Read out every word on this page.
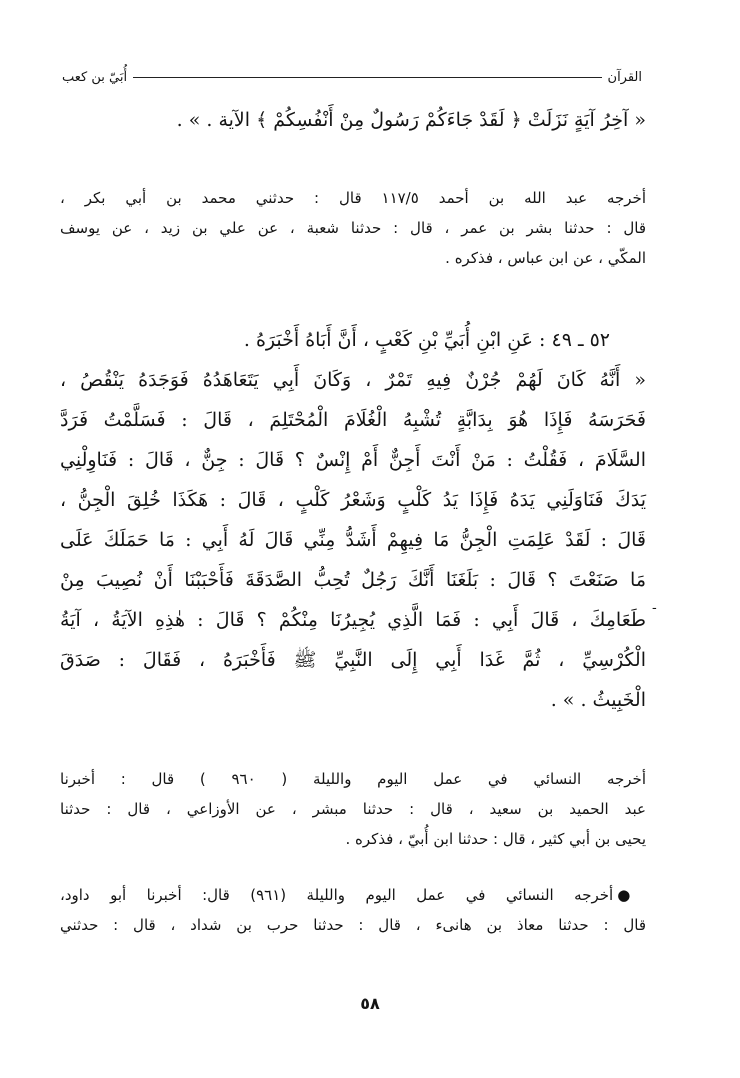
القرآن
أُبَيّ بن كعب
« آخِرُ آيَةٍ نَزَلَتْ ﴿ لَقَدْ جَاءَكُمْ رَسُولٌ مِنْ أَنْفُسِكُمْ ﴾ الآية . » .
أخرجه عبد الله بن أحمد ١١٧/٥ قال : حدثني محمد بن أبي بكر ،
قال : حدثنا بشر بن عمر ، قال : حدثنا شعبة ، عن علي بن زيد ، عن يوسف
المكّي ، عن ابن عباس ، فذكره .
٥٢ ـ ٤٩ : عَنِ ابْنِ أُبَيِّ بْنِ كَعْبٍ ، أَنَّ أَبَاهُ أَخْبَرَهُ .
« أَنَّهُ كَانَ لَهُمْ جُرْنٌ فِيهِ تَمْرٌ ، وَكَانَ أَبِي يَتَعَاهَدُهُ فَوَجَدَهُ يَنْقُصُ ،
فَحَرَسَهُ فَإِذَا هُوَ بِدَابَّةٍ تُشْبِهُ الْغُلَامَ الْمُحْتَلِمَ ، قَالَ : فَسَلَّمْتُ فَرَدَّ
السَّلَامَ ، فَقُلْتُ : مَنْ أَنْتَ أَجِنٌّ أَمْ إِنْسٌ ؟ قَالَ : جِنٌّ ، قَالَ : فَنَاوِلْنِي
يَدَكَ فَنَاوَلَنِي يَدَهُ فَإِذَا يَدُ كَلْبٍ وَشَعْرُ كَلْبٍ ، قَالَ : هَكَذَا خُلِقَ الْجِنُّ ،
قَالَ : لَقَدْ عَلِمَتِ الْجِنُّ مَا فِيهِمْ أَشَدُّ مِنِّي قَالَ لَهُ أَبِي : مَا حَمَلَكَ عَلَى
مَا صَنَعْتَ ؟ قَالَ : بَلَغَنَا أَنَّكَ رَجُلٌ تُحِبُّ الصَّدَقَةَ فَأَحْبَبْنَا أَنْ نُصِيبَ مِنْ
طَعَامِكَ ، قَالَ أَبِي : فَمَا الَّذِي يُجِيرُنَا مِنْكُمْ ؟ قَالَ : هٰذِهِ الآيَةُ ، آيَةُ
الْكُرْسِيِّ ، ثُمَّ غَدَا أَبِي إِلَى النَّبِيِّ ﷺ فَأَخْبَرَهُ ، فَقَالَ : صَدَقَ
الْخَبِيثُ . » .
-
أخرجه النسائي في عمل اليوم والليلة ( ٩٦٠ ) قال : أخبرنا
عبد الحميد بن سعيد ، قال : حدثنا مبشر ، عن الأوزاعي ، قال : حدثنا
يحيى بن أبي كثير ، قال : حدثنا ابن أُبيّ ، فذكره .
●أخرجه النسائي في عمل اليوم والليلة (٩٦١) قال: أخبرنا أبو داود،
قال : حدثنا معاذ بن هانىء ، قال : حدثنا حرب بن شداد ، قال : حدثني
٥٨
